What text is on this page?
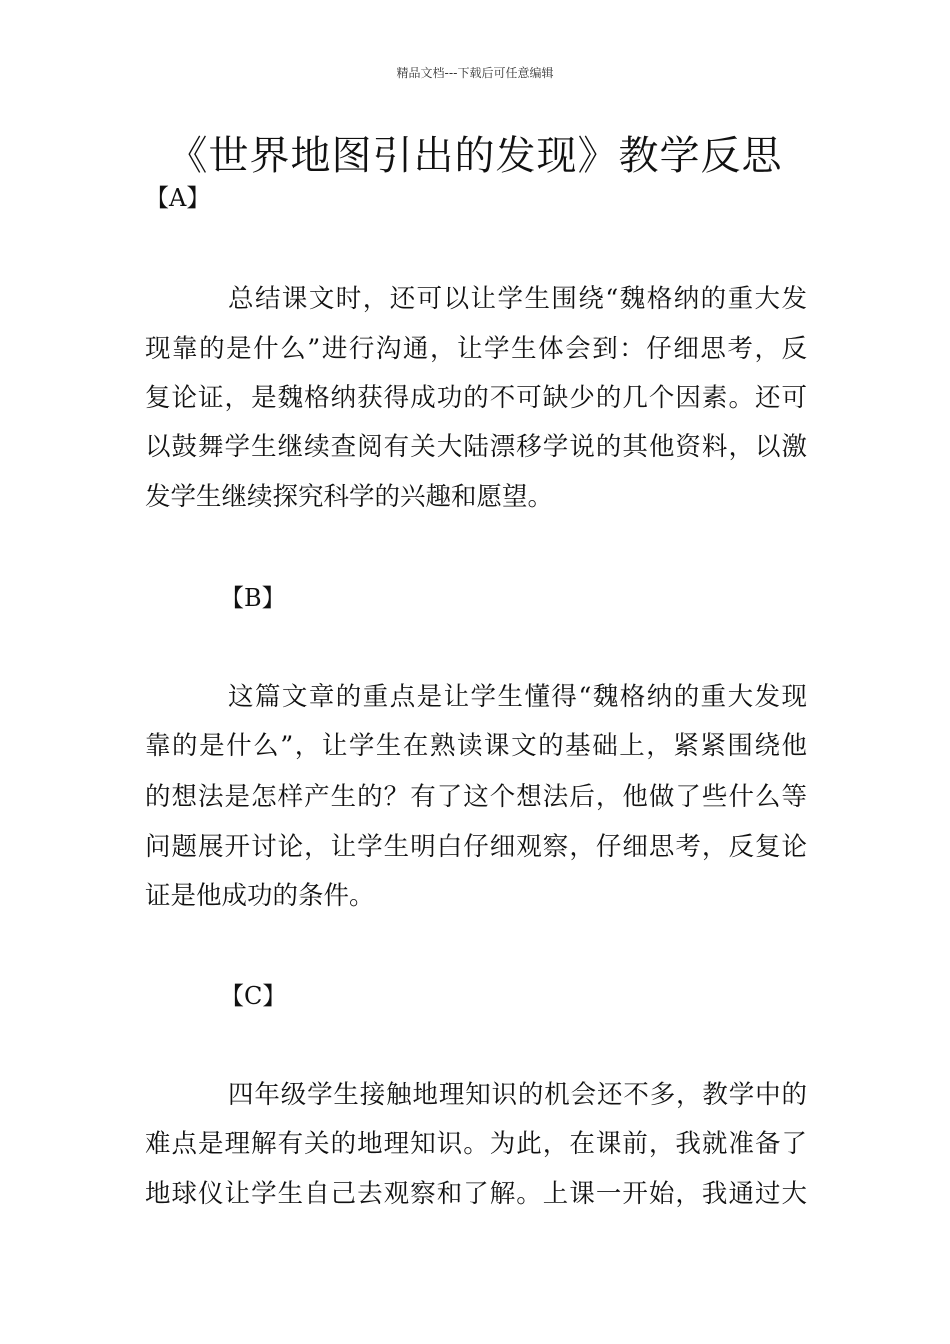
精品文档---下载后可任意编辑
《世界地图引出的发现》教学反思
【A】
总结课文时，还可以让学生围绕“魏格纳的重大发
现靠的是什么”进行沟通，让学生体会到：仔细思考，反
复论证，是魏格纳获得成功的不可缺少的几个因素。还可
以鼓舞学生继续查阅有关大陆漂移学说的其他资料，以激
发学生继续探究科学的兴趣和愿望。
【B】
这篇文章的重点是让学生懂得“魏格纳的重大发现
靠的是什么”，让学生在熟读课文的基础上，紧紧围绕他
的想法是怎样产生的？有了这个想法后，他做了些什么等
问题展开讨论，让学生明白仔细观察，仔细思考，反复论
证是他成功的条件。
【C】
四年级学生接触地理知识的机会还不多，教学中的
难点是理解有关的地理知识。为此，在课前，我就准备了
地球仪让学生自己去观察和了解。上课一开始，我通过大
